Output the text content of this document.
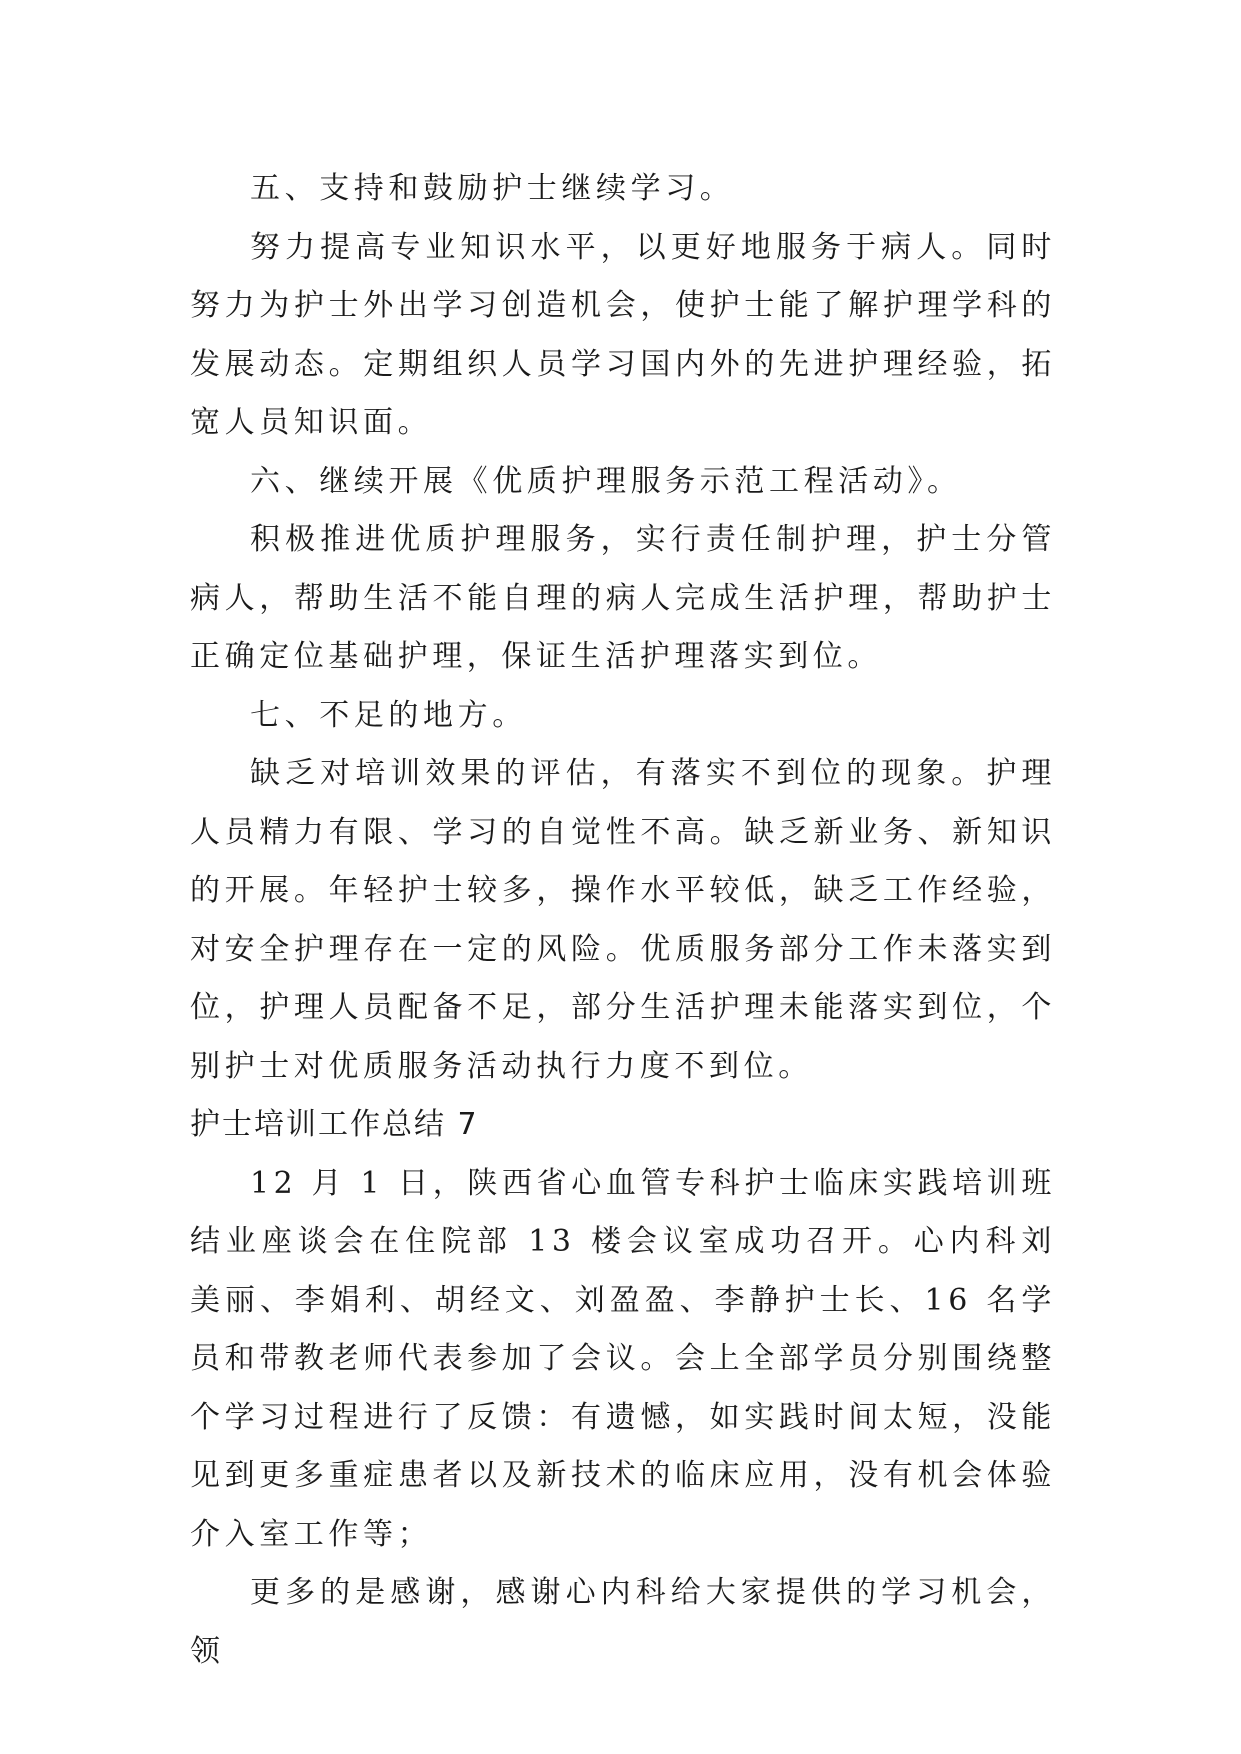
五、支持和鼓励护士继续学习。

努力提高专业知识水平，以更好地服务于病人。同时努力为护士外出学习创造机会，使护士能了解护理学科的发展动态。定期组织人员学习国内外的先进护理经验，拓宽人员知识面。

六、继续开展《优质护理服务示范工程活动》。

积极推进优质护理服务，实行责任制护理，护士分管病人，帮助生活不能自理的病人完成生活护理，帮助护士正确定位基础护理，保证生活护理落实到位。

七、不足的地方。

缺乏对培训效果的评估，有落实不到位的现象。护理人员精力有限、学习的自觉性不高。缺乏新业务、新知识的开展。年轻护士较多，操作水平较低，缺乏工作经验，对安全护理存在一定的风险。优质服务部分工作未落实到位，护理人员配备不足，部分生活护理未能落实到位，个别护士对优质服务活动执行力度不到位。

护士培训工作总结 7

12 月 1 日，陕西省心血管专科护士临床实践培训班结业座谈会在住院部 13 楼会议室成功召开。心内科刘美丽、李娟利、胡经文、刘盈盈、李静护士长、16 名学员和带教老师代表参加了会议。会上全部学员分别围绕整个学习过程进行了反馈：有遗憾，如实践时间太短，没能见到更多重症患者以及新技术的临床应用，没有机会体验介入室工作等；

更多的是感谢，感谢心内科给大家提供的学习机会，领
